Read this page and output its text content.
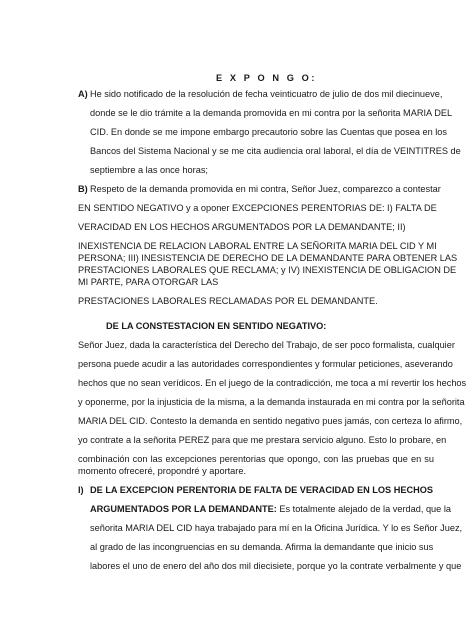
E X P O N G O:
A) He sido notificado de la resolución de fecha veinticuatro de julio de dos mil diecinueve,
donde se le dio trámite a la demanda promovida en mi contra por la señorita MARIA DEL
CID. En donde se me impone embargo precautorio sobre las Cuentas que posea en los
Bancos del Sistema Nacional y se me cita audiencia oral laboral, el día de VEINTITRES de
septiembre a las once horas;
B) Respeto de la demanda promovida en mi contra, Señor Juez, comparezco a contestar
EN SENTIDO NEGATIVO y a oponer EXCEPCIONES PERENTORIAS DE: I) FALTA DE
VERACIDAD EN LOS HECHOS ARGUMENTADOS POR LA DEMANDANTE; II)
INEXISTENCIA DE RELACION LABORAL ENTRE LA SEÑORITA MARIA DEL CID Y MI
PERSONA; III) INESISTENCIA DE DERECHO DE LA DEMANDANTE PARA OBTENER LAS
PRESTACIONES LABORALES QUE RECLAMA; y IV) INEXISTENCIA DE OBLIGACION DE
MI PARTE, PARA OTORGAR LAS
PRESTACIONES LABORALES RECLAMADAS POR EL DEMANDANTE.
DE LA CONSTESTACION EN SENTIDO NEGATIVO:
Señor Juez, dada la característica del Derecho del Trabajo, de ser poco formalista, cualquier
persona puede acudir a las autoridades correspondientes y formular peticiones, aseverando
hechos que no sean verídicos. En el juego de la contradicción, me toca a mí revertir los hechos
y oponerme, por la injusticia de la misma, a la demanda instaurada en mi contra por la señorita
MARIA DEL CID. Contesto la demanda en sentido negativo pues jamás, con certeza lo afirmo,
yo contrate a la señorita PEREZ para que me prestara servicio alguno. Esto lo probare, en
combinación con las excepciones perentorias que opongo, con las pruebas que en su
momento ofreceré, propondré y aportare.
I) DE LA EXCEPCION PERENTORIA DE FALTA DE VERACIDAD EN LOS HECHOS
ARGUMENTADOS POR LA DEMANDANTE: Es totalmente alejado de la verdad, que la
señorita MARIA DEL CID haya trabajado para mí en la Oficina Jurídica. Y lo es Señor Juez,
al grado de las incongruencias en su demanda. Afirma la demandante que inicio sus
labores el uno de enero del año dos mil diecisiete, porque yo la contrate verbalmente y que
